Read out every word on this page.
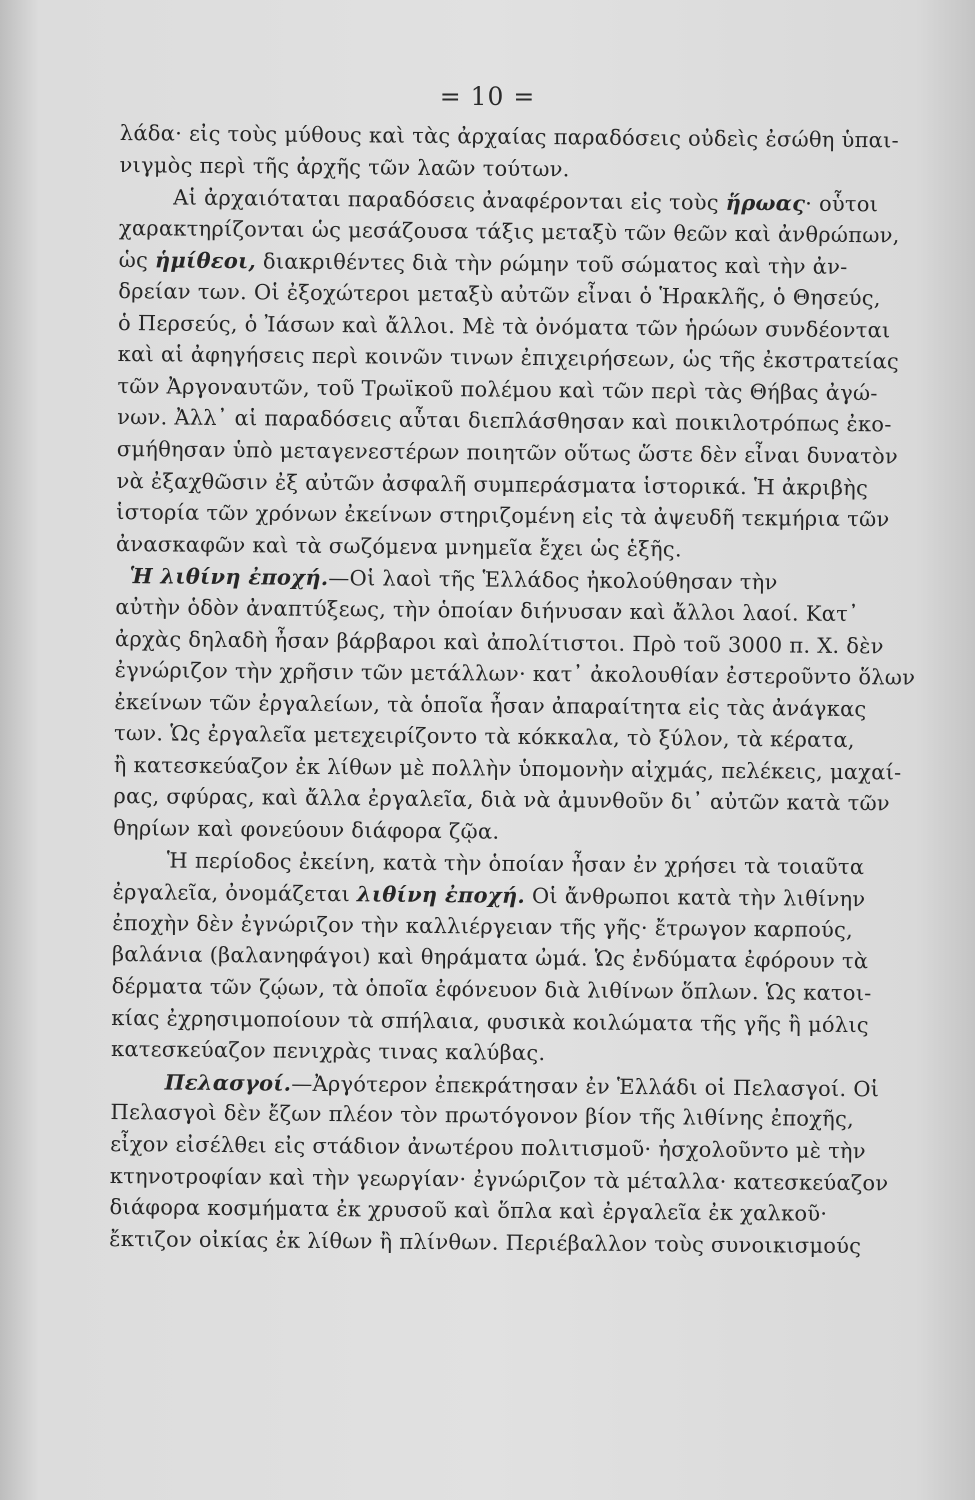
= 10 =
λάδα· εἰς τοὺς μύθους καὶ τὰς ἀρχαίας παραδόσεις οὐδεὶς ἐσώθη ὑπαι-
νιγμὸς περὶ τῆς ἀρχῆς τῶν λαῶν τούτων.
Αἱ ἀρχαιόταται παραδόσεις ἀναφέρονται εἰς τοὺς ἥρωας· οὗτοι
χαρακτηρίζονται ὡς μεσάζουσα τάξις μεταξὺ τῶν θεῶν καὶ ἀνθρώπων,
ὡς ἡμίθεοι, διακριθέντες διὰ τὴν ρώμην τοῦ σώματος καὶ τὴν ἀν-
δρείαν των. Οἱ ἐξοχώτεροι μεταξὺ αὐτῶν εἶναι ὁ Ἡρακλῆς, ὁ Θησεύς,
ὁ Περσεύς, ὁ Ἰάσων καὶ ἄλλοι. Μὲ τὰ ὀνόματα τῶν ἡρώων συνδέονται
καὶ αἱ ἀφηγήσεις περὶ κοινῶν τινων ἐπιχειρήσεων, ὡς τῆς ἐκστρατείας
τῶν Ἀργοναυτῶν, τοῦ Τρωϊκοῦ πολέμου καὶ τῶν περὶ τὰς Θήβας ἀγώ-
νων. Ἀλλ᾿ αἱ παραδόσεις αὗται διεπλάσθησαν καὶ ποικιλοτρόπως ἐκο-
σμήθησαν ὑπὸ μεταγενεστέρων ποιητῶν οὕτως ὥστε δὲν εἶναι δυνατὸν
νὰ ἐξαχθῶσιν ἐξ αὐτῶν ἀσφαλῆ συμπεράσματα ἱστορικά. Ἡ ἀκριβὴς
ἱστορία τῶν χρόνων ἐκείνων στηριζομένη εἰς τὰ ἀψευδῆ τεκμήρια τῶν
ἀνασκαφῶν καὶ τὰ σωζόμενα μνημεῖα ἔχει ὡς ἑξῆς.
Ἡ λιθίνη ἐποχή.—Οἱ λαοὶ τῆς Ἑλλάδος ἠκολούθησαν τὴν
αὐτὴν ὁδὸν ἀναπτύξεως, τὴν ὁποίαν διήνυσαν καὶ ἄλλοι λαοί. Κατ᾿
ἀρχὰς δηλαδὴ ἦσαν βάρβαροι καὶ ἀπολίτιστοι. Πρὸ τοῦ 3000 π. Χ. δὲν
ἐγνώριζον τὴν χρῆσιν τῶν μετάλλων· κατ᾿ ἀκολουθίαν ἐστεροῦντο ὅλων
ἐκείνων τῶν ἐργαλείων, τὰ ὁποῖα ἦσαν ἀπαραίτητα εἰς τὰς ἀνάγκας
των. Ὡς ἐργαλεῖα μετεχειρίζοντο τὰ κόκκαλα, τὸ ξύλον, τὰ κέρατα,
ἢ κατεσκεύαζον ἐκ λίθων μὲ πολλὴν ὑπομονὴν αἰχμάς, πελέκεις, μαχαί-
ρας, σφύρας, καὶ ἄλλα ἐργαλεῖα, διὰ νὰ ἀμυνθοῦν δι᾿ αὐτῶν κατὰ τῶν
θηρίων καὶ φονεύουν διάφορα ζῷα.
Ἡ περίοδος ἐκείνη, κατὰ τὴν ὁποίαν ἦσαν ἐν χρήσει τὰ τοιαῦτα
ἐργαλεῖα, ὀνομάζεται λιθίνη ἐποχή. Οἱ ἄνθρωποι κατὰ τὴν λιθίνην
ἐποχὴν δὲν ἐγνώριζον τὴν καλλιέργειαν τῆς γῆς· ἔτρωγον καρπούς,
βαλάνια (βαλανηφάγοι) καὶ θηράματα ὠμά. Ὡς ἐνδύματα ἐφόρουν τὰ
δέρματα τῶν ζῴων, τὰ ὁποῖα ἐφόνευον διὰ λιθίνων ὅπλων. Ὡς κατοι-
κίας ἐχρησιμοποίουν τὰ σπήλαια, φυσικὰ κοιλώματα τῆς γῆς ἢ μόλις
κατεσκεύαζον πενιχρὰς τινας καλύβας.
Πελασγοί.—Ἀργότερον ἐπεκράτησαν ἐν Ἑλλάδι οἱ Πελασγοί. Οἱ
Πελασγοὶ δὲν ἔζων πλέον τὸν πρωτόγονον βίον τῆς λιθίνης ἐποχῆς,
εἶχον εἰσέλθει εἰς στάδιον ἀνωτέρου πολιτισμοῦ· ἠσχολοῦντο μὲ τὴν
κτηνοτροφίαν καὶ τὴν γεωργίαν· ἐγνώριζον τὰ μέταλλα· κατεσκεύαζον
διάφορα κοσμήματα ἐκ χρυσοῦ καὶ ὅπλα καὶ ἐργαλεῖα ἐκ χαλκοῦ·
ἔκτιζον οἰκίας ἐκ λίθων ἢ πλίνθων. Περιέβαλλον τοὺς συνοικισμούς
